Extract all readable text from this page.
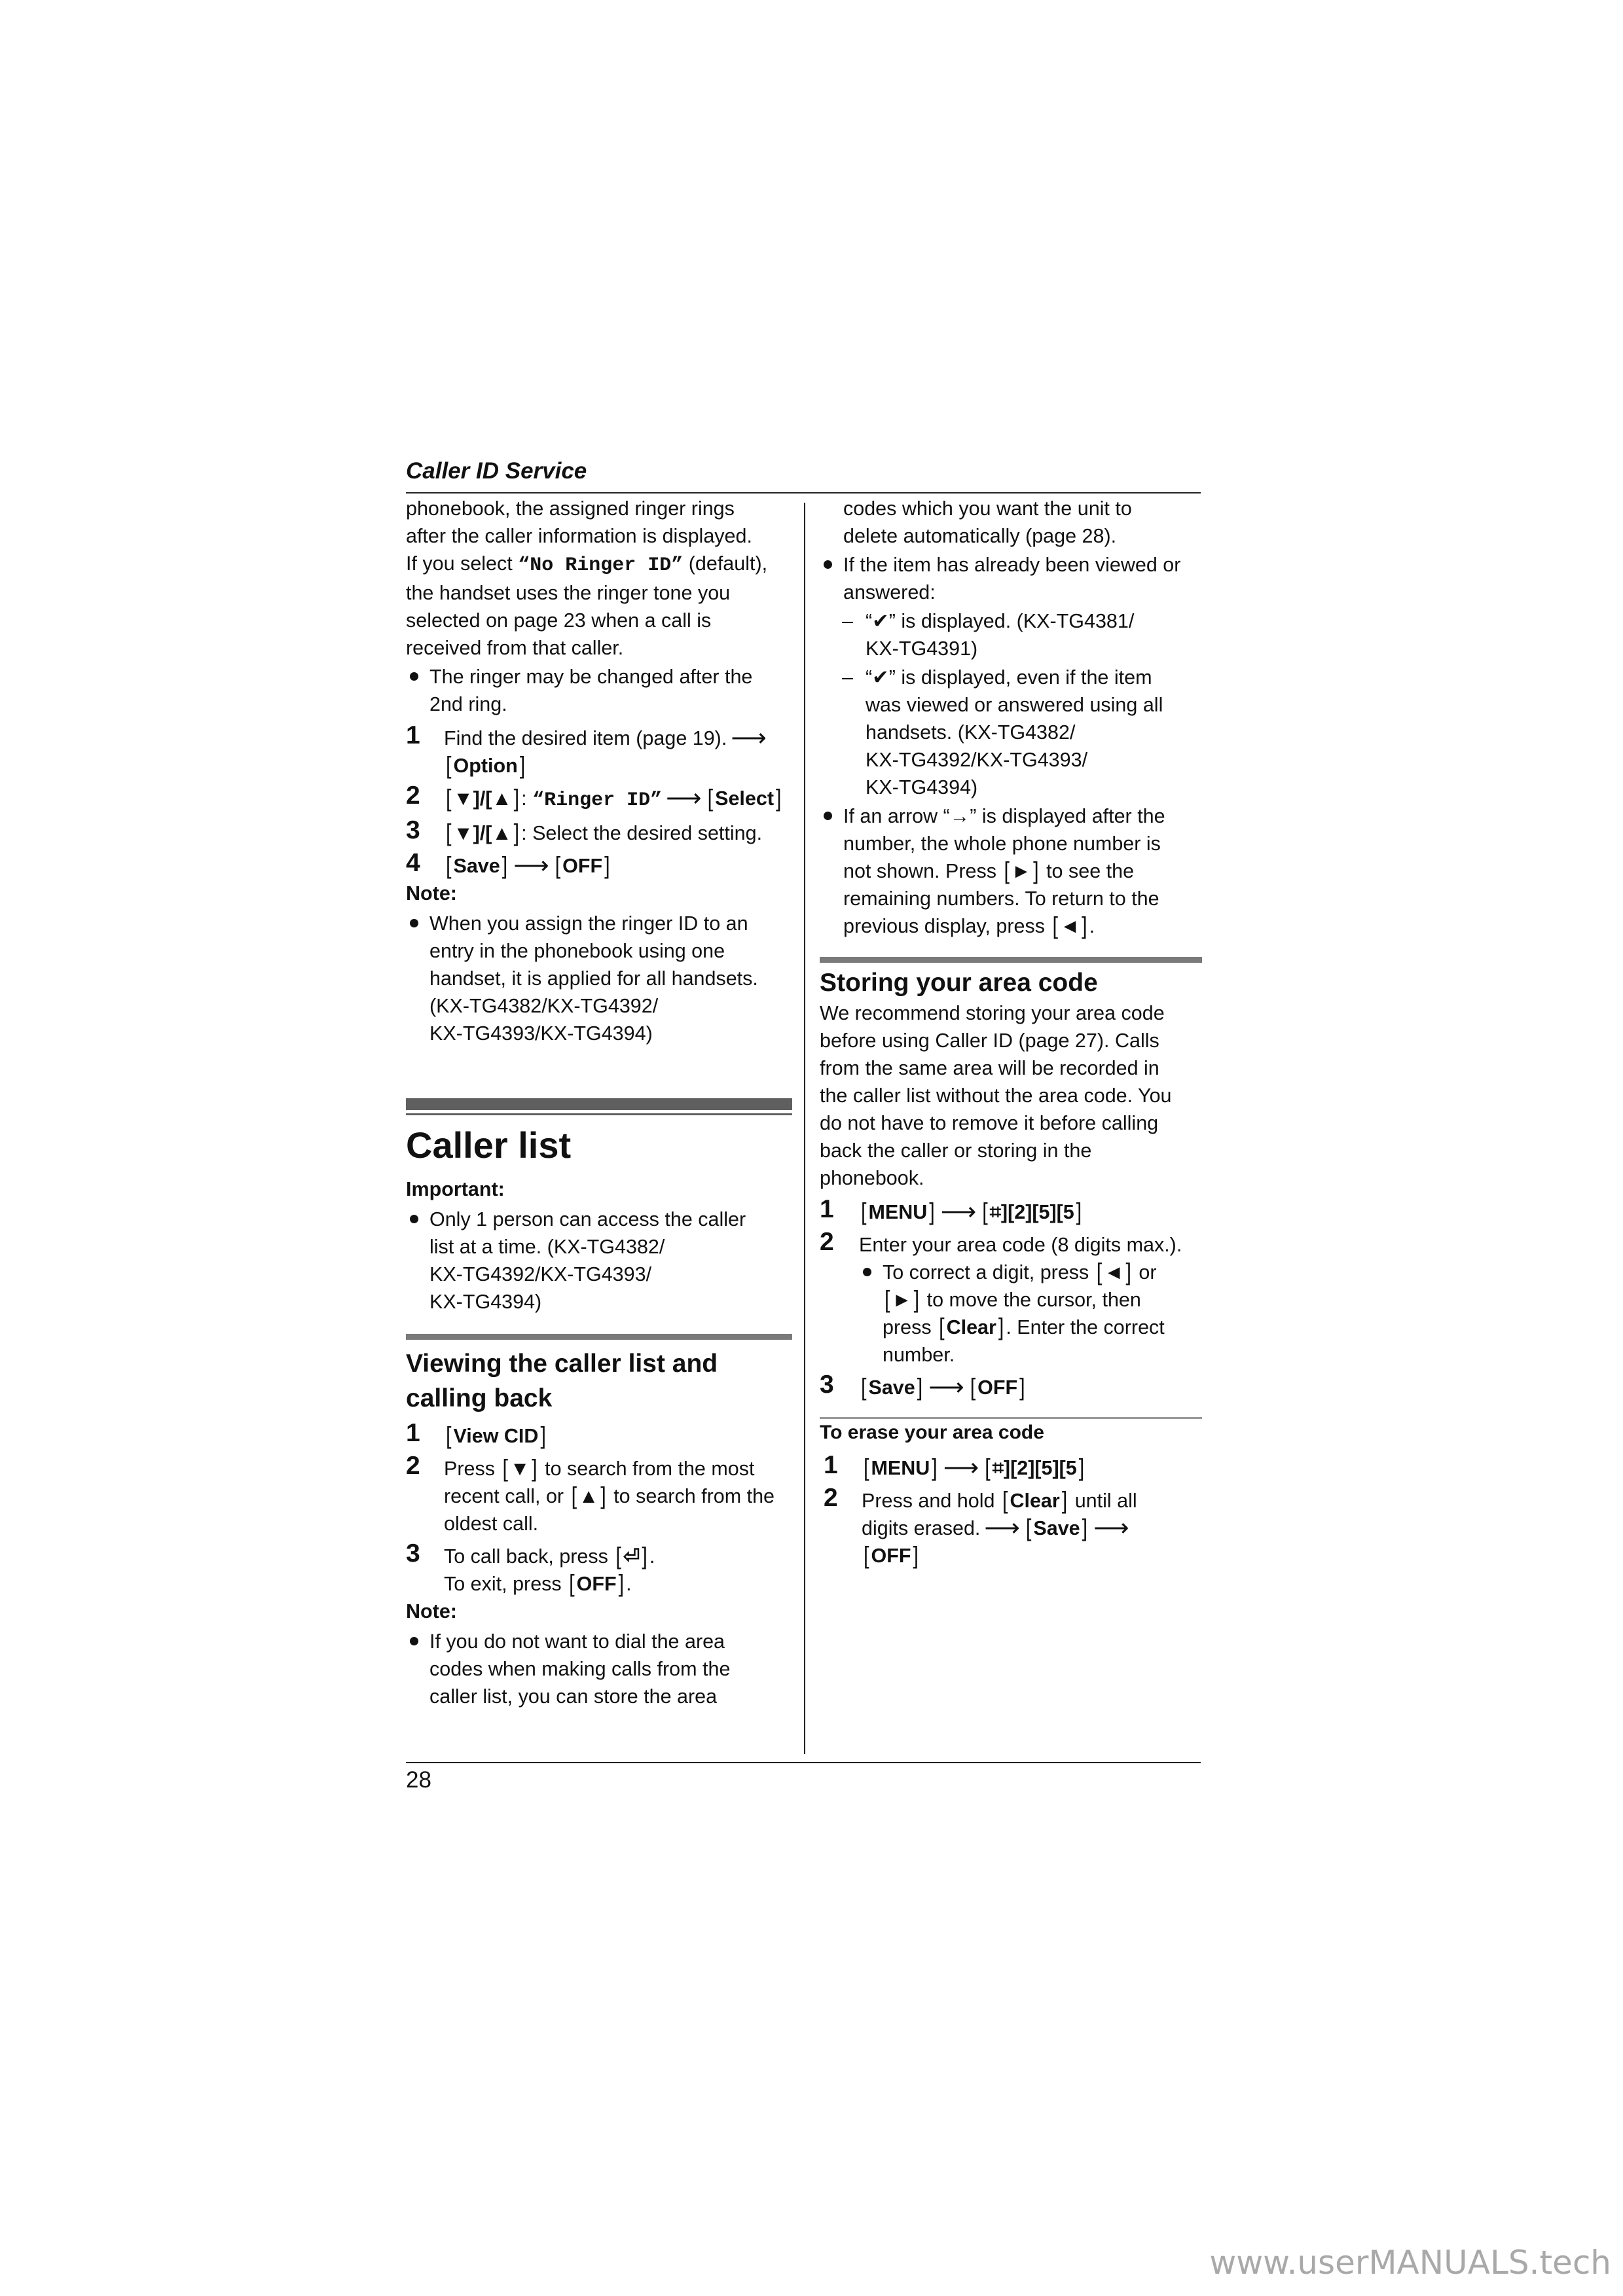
Caller ID Service

phonebook, the assigned ringer rings

after the caller information is displayed.

If you select “No Ringer ID” (default),

the handset uses the ringer tone you

selected on page 23 when a call is

received from that caller.

The ringer may be changed after the

2nd ring.

1 Find the desired item (page 19). ⟶

[Option]

2 [▼]/[▲]: “Ringer ID” ⟶ [Select]

3 [▼]/[▲]: Select the desired setting.

4 [Save] ⟶ [OFF]

Note:

When you assign the ringer ID to an

entry in the phonebook using one

handset, it is applied for all handsets.

(KX-TG4382/KX-TG4392/

KX-TG4393/KX-TG4394)

Caller list

Important:

Only 1 person can access the caller

list at a time. (KX-TG4382/

KX-TG4392/KX-TG4393/

KX-TG4394)

Viewing the caller list and
calling back
1 [View CID]

2 Press [▼] to search from the most

recent call, or [▲] to search from the

oldest call.

3 To call back, press [⏎].

To exit, press [OFF].

Note:

If you do not want to dial the area

codes when making calls from the

caller list, you can store the area

codes which you want the unit to

delete automatically (page 28).

If the item has already been viewed or

answered:

– “✔” is displayed. (KX-TG4381/

KX-TG4391)

– “✔” is displayed, even if the item

was viewed or answered using all

handsets. (KX-TG4382/

KX-TG4392/KX-TG4393/

KX-TG4394)

If an arrow “→” is displayed after the

number, the whole phone number is

not shown. Press [►] to see the

remaining numbers. To return to the

previous display, press [◄].

Storing your area code

We recommend storing your area code

before using Caller ID (page 27). Calls

from the same area will be recorded in

the caller list without the area code. You

do not have to remove it before calling

back the caller or storing in the

phonebook.

1 [MENU] ⟶ [⌗][2][5][5]

2 Enter your area code (8 digits max.).

To correct a digit, press [◄] or

[►] to move the cursor, then

press [Clear]. Enter the correct

number.

3 [Save] ⟶ [OFF]

To erase your area code

1 [MENU] ⟶ [⌗][2][5][5]

2 Press and hold [Clear] until all

digits erased. ⟶ [Save] ⟶

[OFF]

28
www.userMANUALS.tech
